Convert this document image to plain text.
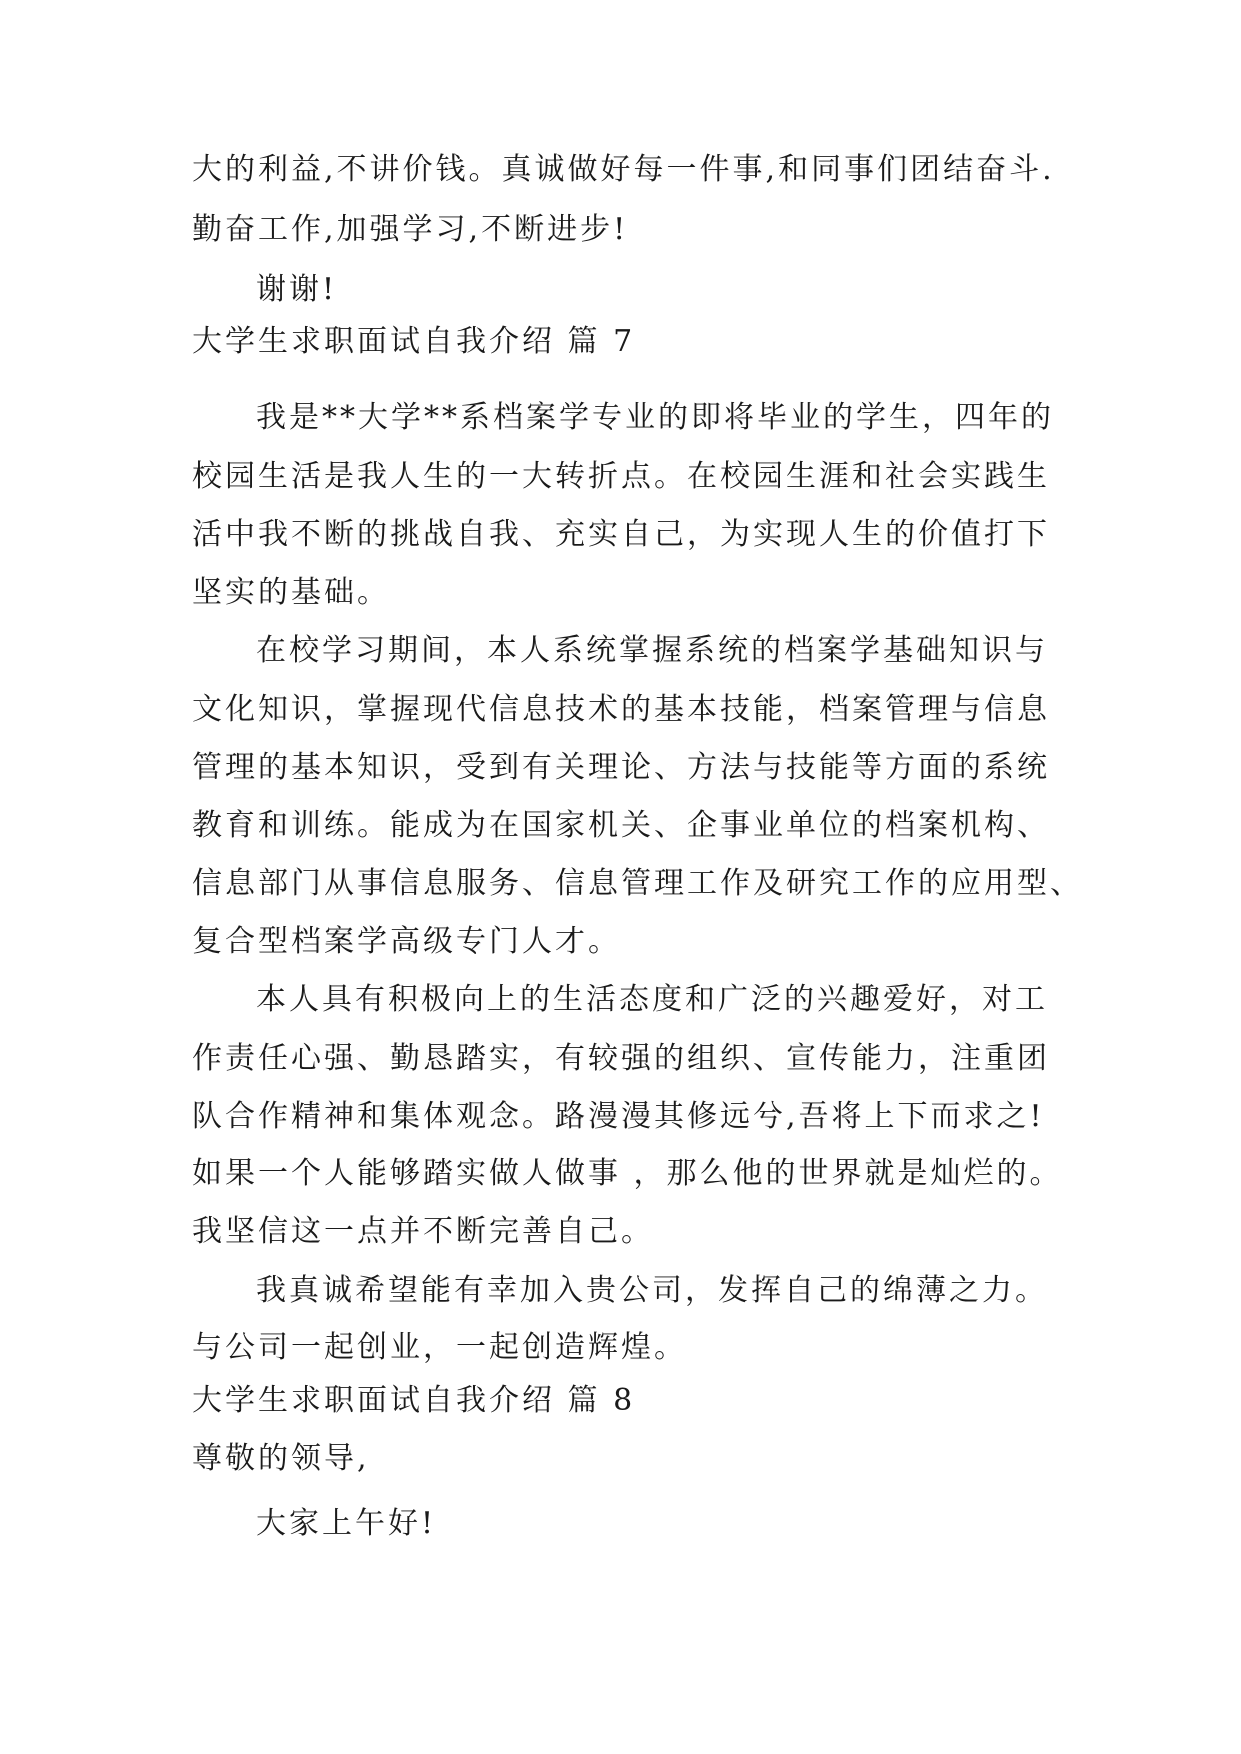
大的利益,不讲价钱。真诚做好每一件事,和同事们团结奋斗.
勤奋工作,加强学习,不断进步!
谢谢!
大学生求职面试自我介绍 篇 7
我是**大学**系档案学专业的即将毕业的学生，四年的
校园生活是我人生的一大转折点。在校园生涯和社会实践生
活中我不断的挑战自我、充实自己，为实现人生的价值打下
坚实的基础。
在校学习期间，本人系统掌握系统的档案学基础知识与
文化知识，掌握现代信息技术的基本技能，档案管理与信息
管理的基本知识，受到有关理论、方法与技能等方面的系统
教育和训练。能成为在国家机关、企事业单位的档案机构、
信息部门从事信息服务、信息管理工作及研究工作的应用型、
复合型档案学高级专门人才。
本人具有积极向上的生活态度和广泛的兴趣爱好，对工
作责任心强、勤恳踏实，有较强的组织、宣传能力，注重团
队合作精神和集体观念。路漫漫其修远兮,吾将上下而求之!
如果一个人能够踏实做人做事 ，那么他的世界就是灿烂的。
我坚信这一点并不断完善自己。
我真诚希望能有幸加入贵公司，发挥自己的绵薄之力。
与公司一起创业，一起创造辉煌。
大学生求职面试自我介绍 篇 8
尊敬的领导,
大家上午好!
